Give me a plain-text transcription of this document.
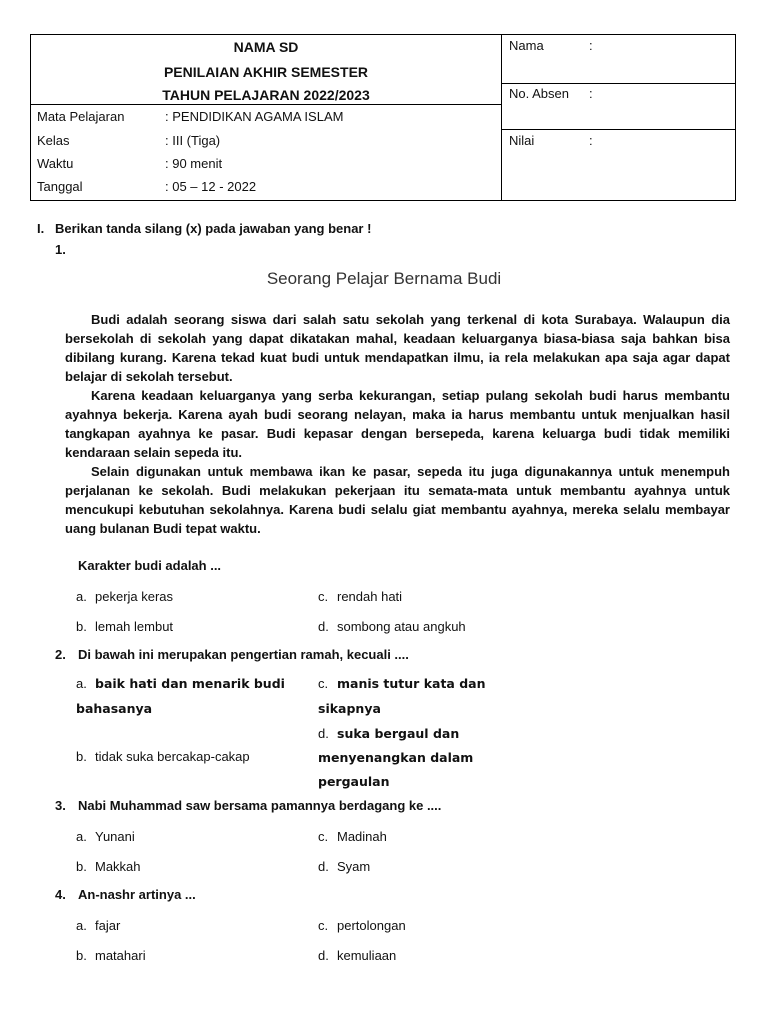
NAMA SD
PENILAIAN AKHIR SEMESTER
TAHUN PELAJARAN 2022/2023
Mata Pelajaran	: PENDIDIKAN AGAMA ISLAM
Kelas	: III (Tiga)
Waktu	: 90 menit
Tanggal	: 05 – 12 - 2022
Nama	:
No. Absen :
Nilai	:
I. Berikan tanda silang (x) pada jawaban yang benar !
1.
Seorang Pelajar Bernama Budi

Budi adalah seorang siswa dari salah satu sekolah yang terkenal di kota Surabaya. Walaupun dia bersekolah di sekolah yang dapat dikatakan mahal, keadaan keluarganya biasa-biasa saja bahkan bisa dibilang kurang. Karena tekad kuat budi untuk mendapatkan ilmu, ia rela melakukan apa saja agar dapat belajar di sekolah tersebut.

Karena keadaan keluarganya yang serba kekurangan, setiap pulang sekolah budi harus membantu ayahnya bekerja. Karena ayah budi seorang nelayan, maka ia harus membantu untuk menjualkan hasil tangkapan ayahnya ke pasar. Budi kepasar dengan bersepeda, karena keluarga budi tidak memiliki kendaraan selain sepeda itu.

Selain digunakan untuk membawa ikan ke pasar, sepeda itu juga digunakannya untuk menempuh perjalanan ke sekolah. Budi melakukan pekerjaan itu semata-mata untuk membantu ayahnya untuk mencukupi kebutuhan sekolahnya. Karena budi selalu giat membantu ayahnya, mereka selalu membayar uang bulanan Budi tepat waktu.

Karakter budi adalah ...
a. pekerja keras
b. lemah lembut
c. rendah hati
d. sombong atau angkuh
2. Di bawah ini merupakan pengertian ramah, kecuali ....
a. baik hati dan menarik budi
bahasanya
b. tidak suka bercakap-cakap
c. manis tutur kata dan
sikapnya
d. suka bergaul dan
menyenangkan dalam
pergaulan
3. Nabi Muhammad saw bersama pamannya berdagang ke ....
a. Yunani
b. Makkah
c. Madinah
d. Syam
4. An-nashr artinya ...
a. fajar
b. matahari
c. pertolongan
d. kemuliaan
